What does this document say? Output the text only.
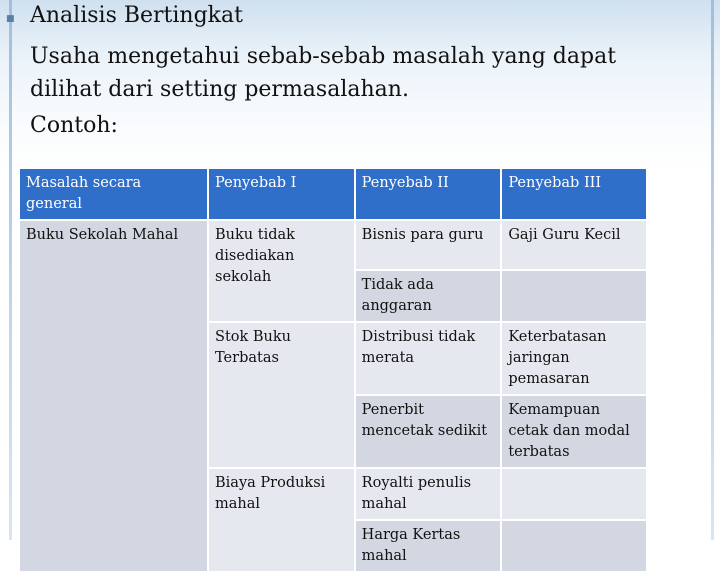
■ Analisis Bertingkat
Usaha mengetahui sebab-sebab masalah yang dapat
dilihat dari setting permasalahan.
Contoh:
Masalah secara general	Penyebab I	Penyebab II	Penyebab III
Buku Sekolah Mahal	Buku tidak disediakan sekolah	Bisnis para guru	Gaji Guru Kecil
		Tidak ada anggaran	
	Stok Buku Terbatas	Distribusi tidak merata	Keterbatasan jaringan pemasaran
		Penerbit mencetak sedikit	Kemampuan cetak dan modal terbatas
	Biaya Produksi mahal	Royalti penulis mahal	
		Harga Kertas mahal	
